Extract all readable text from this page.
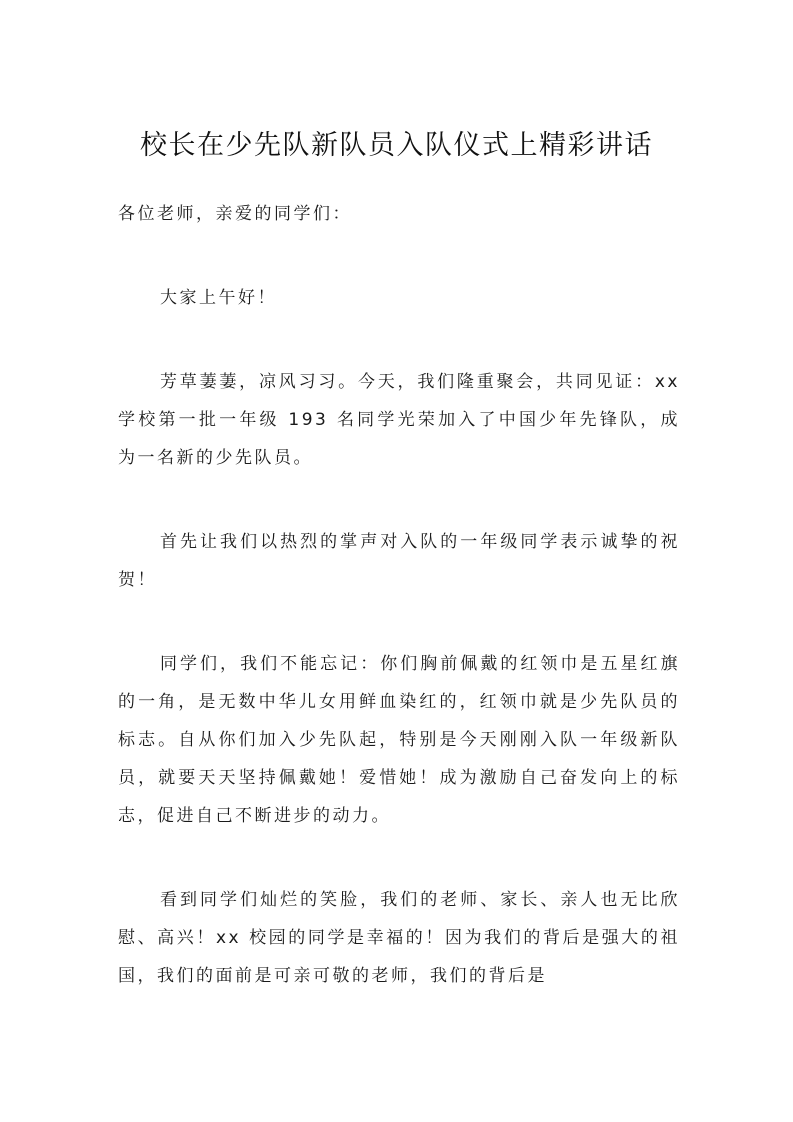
校长在少先队新队员入队仪式上精彩讲话

各位老师，亲爱的同学们：

大家上午好！

芳草萋萋，凉风习习。今天，我们隆重聚会，共同见证：xx 学校第一批一年级 193 名同学光荣加入了中国少年先锋队，成为一名新的少先队员。

首先让我们以热烈的掌声对入队的一年级同学表示诚挚的祝贺！

同学们，我们不能忘记：你们胸前佩戴的红领巾是五星红旗的一角，是无数中华儿女用鲜血染红的，红领巾就是少先队员的标志。自从你们加入少先队起，特别是今天刚刚入队一年级新队员，就要天天坚持佩戴她！爱惜她！成为激励自己奋发向上的标志，促进自己不断进步的动力。

看到同学们灿烂的笑脸，我们的老师、家长、亲人也无比欣慰、高兴！xx 校园的同学是幸福的！因为我们的背后是强大的祖国，我们的面前是可亲可敬的老师，我们的背后是
